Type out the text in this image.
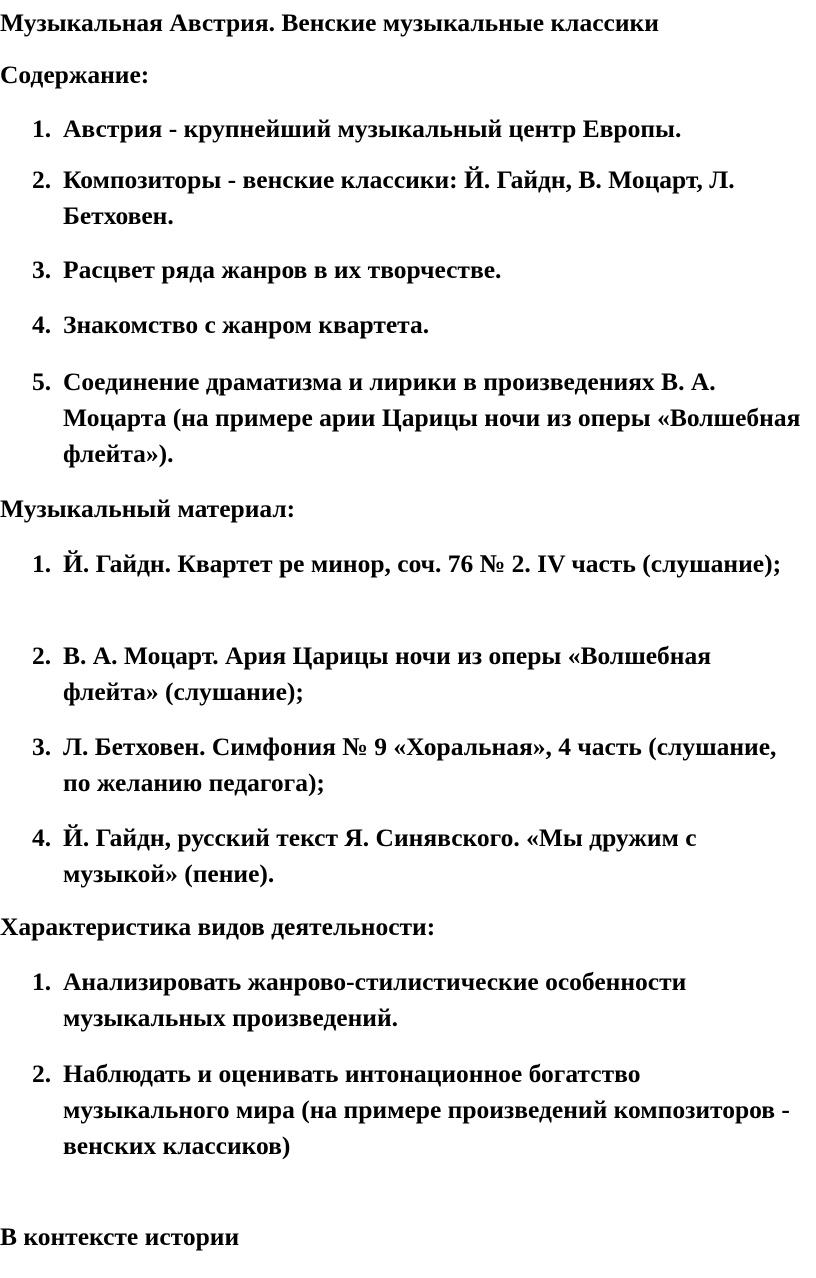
Музыкальная Австрия. Венские музыкальные классики
Содержание:
1. Австрия - крупнейший музыкальный центр Европы.
2. Композиторы - венские классики: Й. Гайдн, В. Моцарт, Л. Бетховен.
3. Расцвет ряда жанров в их творчестве.
4. Знакомство с жанром квартета.
5. Соединение драматизма и лирики в произведениях В. А. Моцарта (на примере арии Царицы ночи из оперы «Волшебная флейта»).
Музыкальный материал:
1. Й. Гайдн. Квартет ре минор, соч. 76 № 2. IV часть (слушание);
2. В. А. Моцарт. Ария Царицы ночи из оперы «Волшебная флейта» (слушание);
3. Л. Бетховен. Симфония № 9 «Хоральная», 4 часть (слушание, по желанию педагога);
4. Й. Гайдн, русский текст Я. Синявского. «Мы дружим с музыкой» (пение).
Характеристика видов деятельности:
1. Анализировать жанрово-стилистические особенности музыкальных произведений.
2. Наблюдать и оценивать интонационное богатство музыкального мира (на примере произведений композиторов - венских классиков)
В контексте истории
